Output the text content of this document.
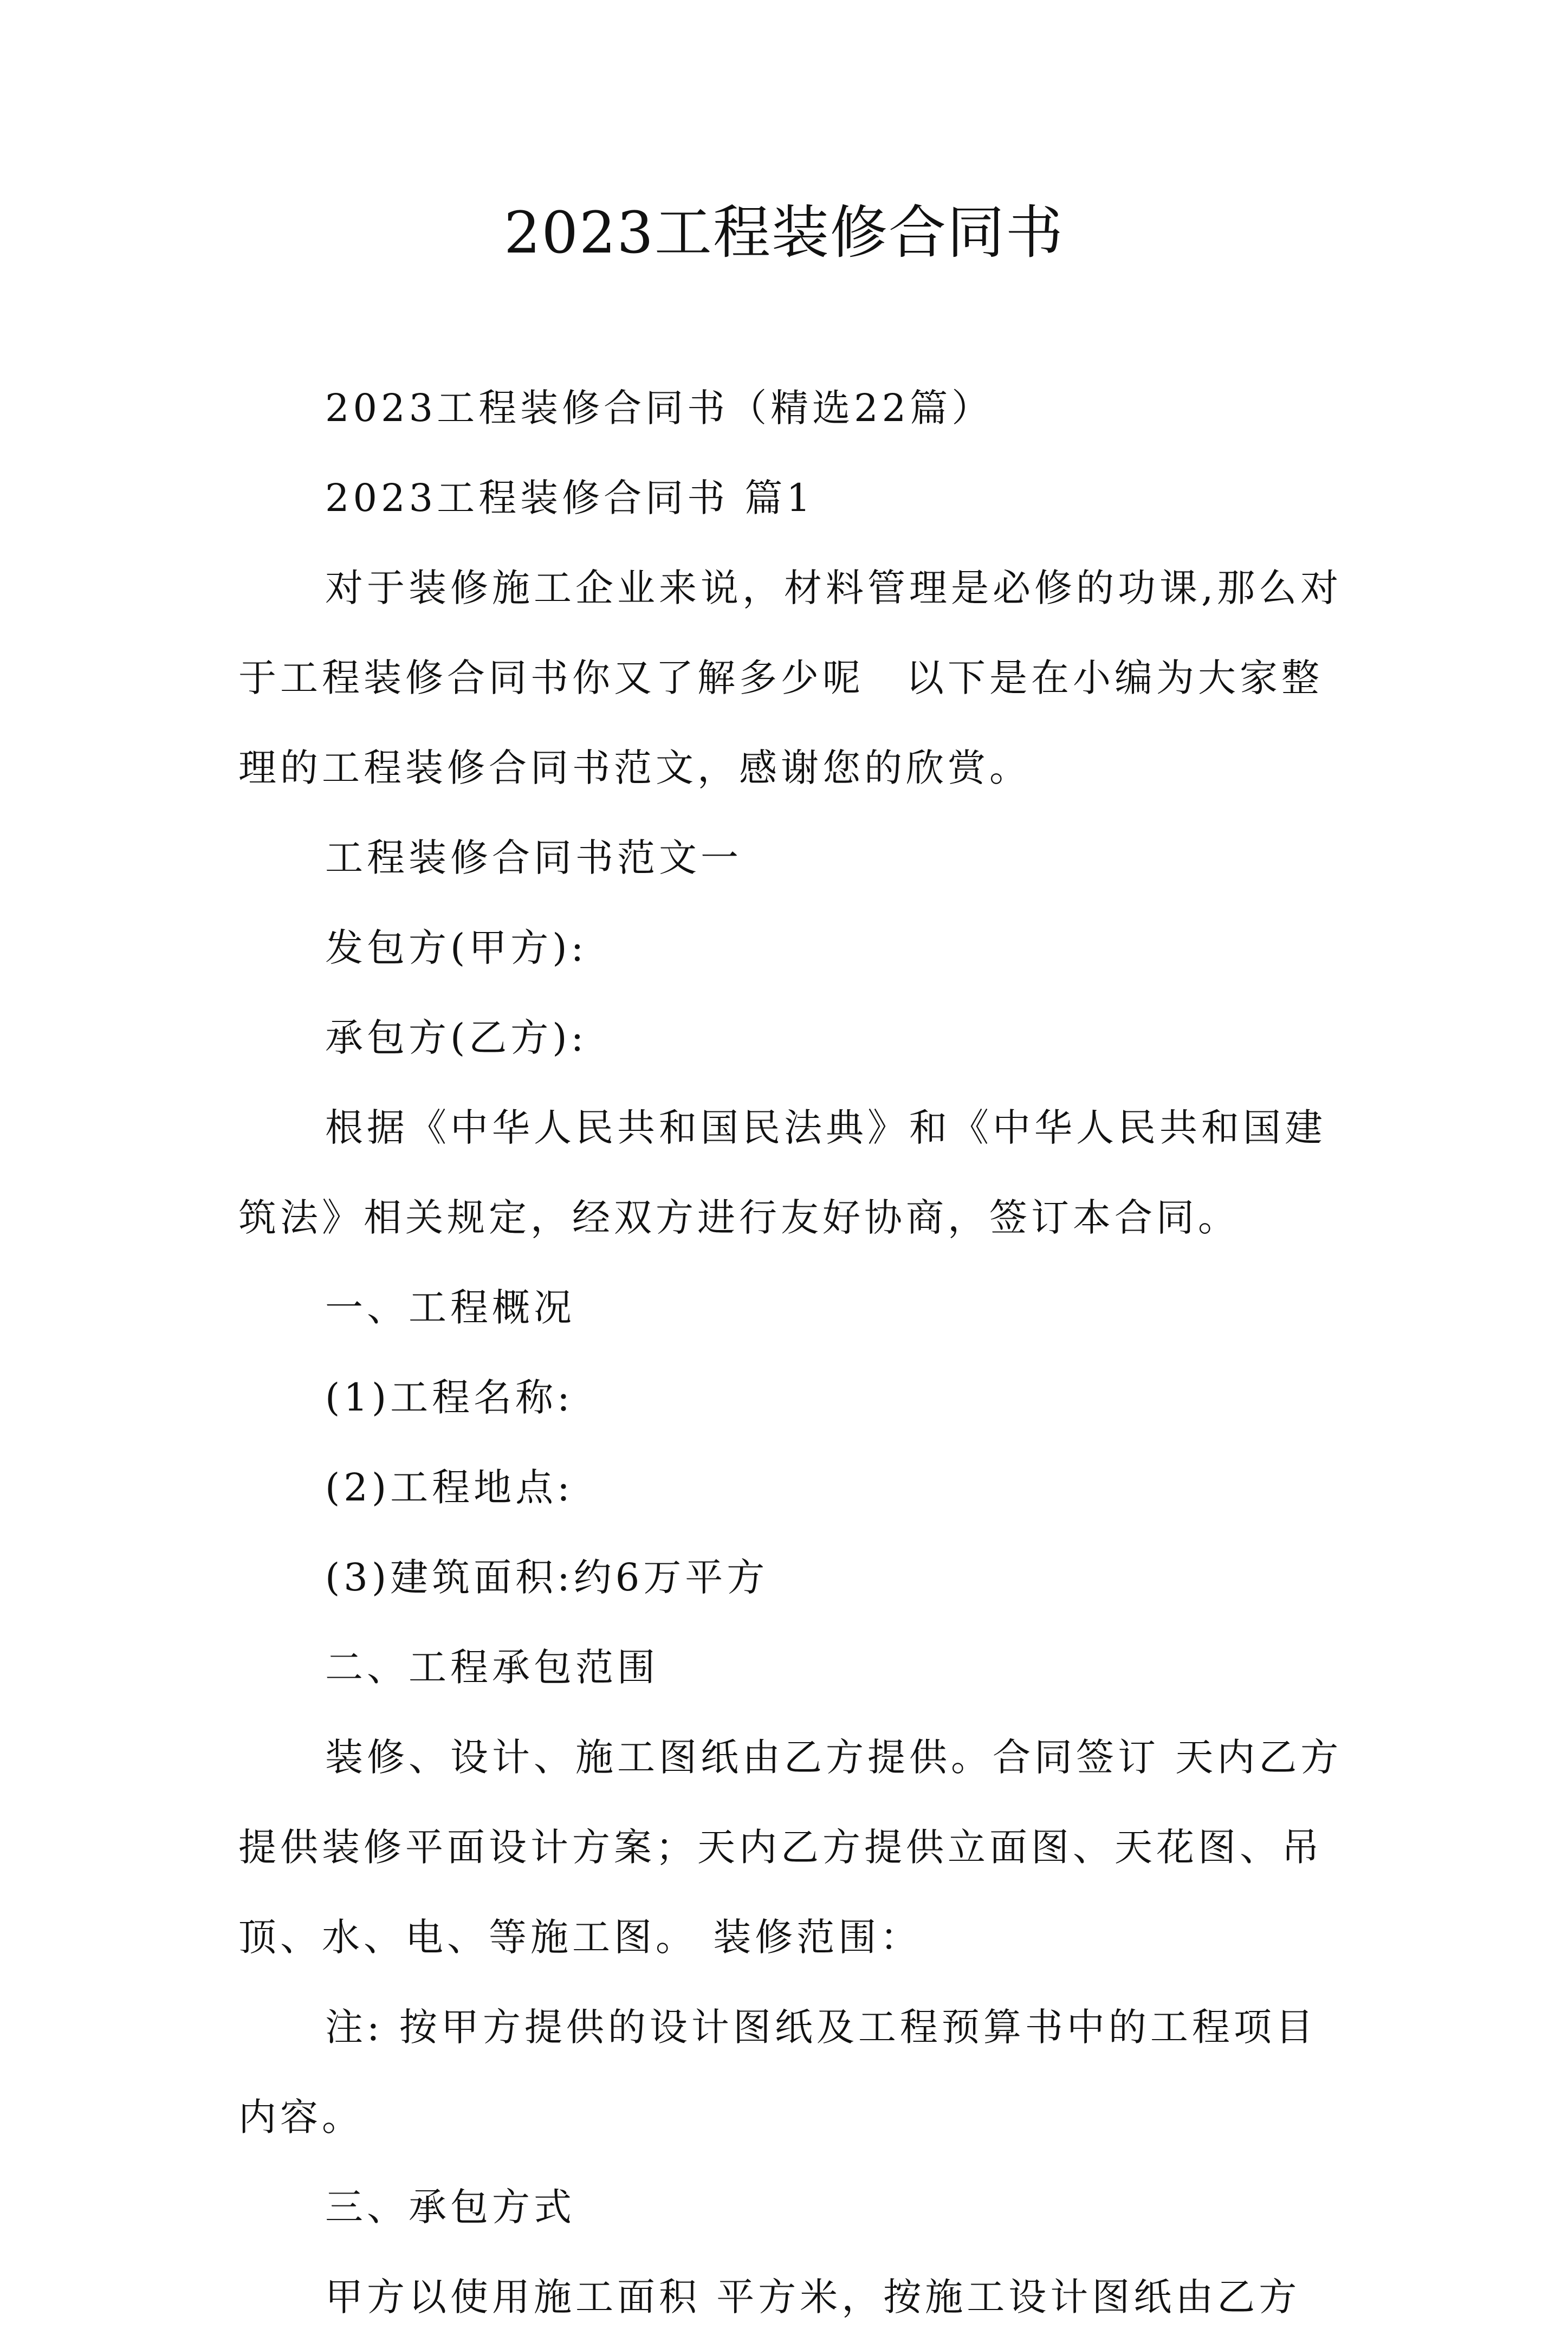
2023工程装修合同书

2023工程装修合同书（精选22篇）

2023工程装修合同书 篇1

对于装修施工企业来说，材料管理是必修的功课,那么对于工程装修合同书你又了解多少呢　以下是在小编为大家整理的工程装修合同书范文，感谢您的欣赏。

工程装修合同书范文一

发包方(甲方):

承包方(乙方):

根据《中华人民共和国民法典》和《中华人民共和国建筑法》相关规定，经双方进行友好协商，签订本合同。

一、工程概况

(1)工程名称:

(2)工程地点:

(3)建筑面积:约6万平方

二、工程承包范围

装修、设计、施工图纸由乙方提供。合同签订 天内乙方提供装修平面设计方案；天内乙方提供立面图、天花图、吊顶、水、电、等施工图。 装修范围：

注: 按甲方提供的设计图纸及工程预算书中的工程项目内容。

三、承包方式

甲方以使用施工面积 平方米，按施工设计图纸由乙方
